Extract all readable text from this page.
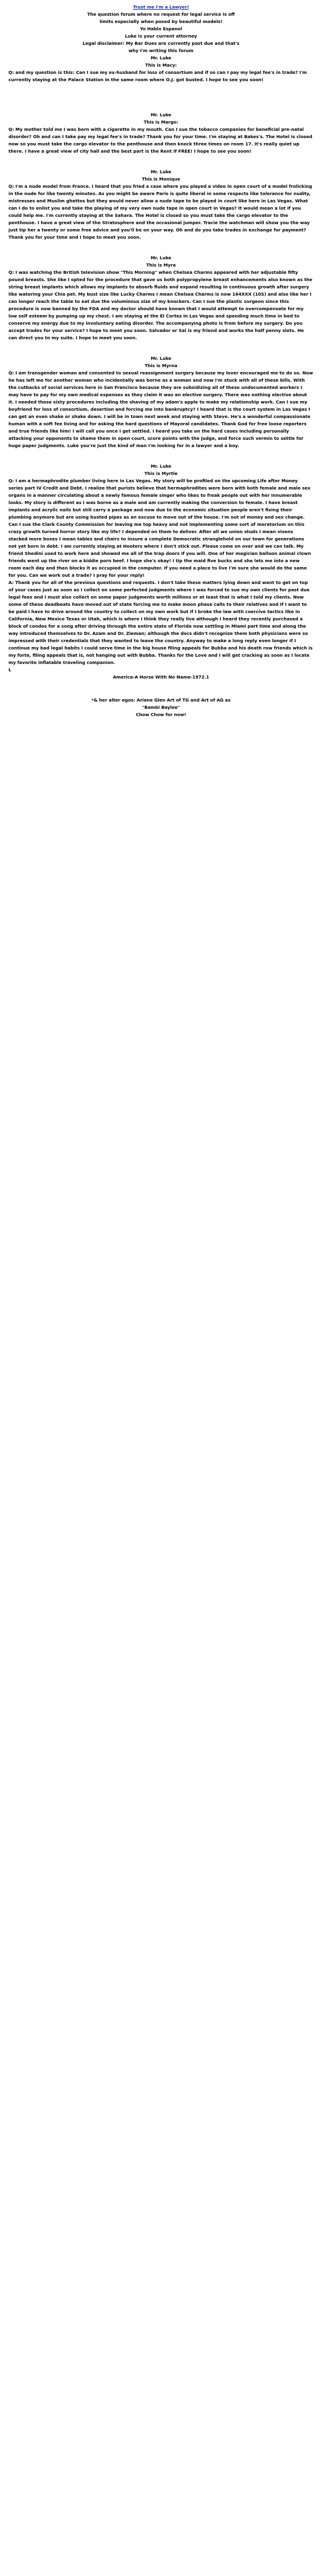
Trust me I'm a Lawyer!
The question forum where no request for legal service is off
limits especially when posed by beautiful models!
Yo Hablo Espanol
Luke is your current attorney
Legal disclaimer: My Bar Dues are currently past due and that's
why I'm writing this forum
Mr. Luke
This is Macy:
Q: and my question is this: Can I sue my ex-husband for loss of consortium and if so can I pay my legal fee's in trade? I'm currently staying at the Palace Station in the same room where O.J. got busted. I hope to see you soon!
Mr. Luke
This is Margo:
Q: My mother told me I was born with a cigarette in my mouth. Can I sue the tobacco companies for beneficial pre-natal disorder? Oh and can I take pay my legal fee's in trade? Thank you for your time. I'm staying at Bakes's. The Hotel is closed now so you must take the cargo elevator to the penthouse and then knock three times on room 17. It's really quiet up there. I have a great view of city hall and the best part is the Rent if FREE! I hope to see you soon!
Mr. Luke
This is Monique
Q: I'm a nude model from France. I heard that you fried a case where you played a video in open court of a model frolicking in the nude for like twenty minutes. As you might be aware Paris is quite liberal in some respects like tolerance for nudity, mistresses and Muslim ghettos but they would never allow a nude tape to be played in court like here in Las Vegas. What can I do to enlist you and take the playing of my very own nude tape in open court in Vegas? It would mean a lot if you could help me. I'm currently staying at the Sahara. The Hotel is closed so you must take the cargo elevator to the penthouse. I have a great view of the Stratosphere and the occasional jumper. Tracie the watchman will show you the way just tip her a twenty or some free advice and you'll be on your way. Oh and do you take trades in exchange for payment? Thank you for your time and I hope to meet you soon.
Mr. Luke
This is Myra
Q: I was watching the British television show "This Morning" when Chelsea Charms appeared with her adjustable fifty pound breasts. She like I opted for the procedure that gave us both polypropylene breast enhancements also known as the string breast implants which allows my implants to absorb fluids and expand resulting in continuous growth after surgery like watering your Chia pet. My bust size like Lucky Charms I mean Chelsea Charms is now 164XXX (10S) and also like her I can longer reach the table to eat due the voluminous size of my knockers. Can I sue the plastic surgeon since this procedure is now banned by the FDA and my doctor should have known that I would attempt to overcompensate for my low self esteem by pumping up my chest. I am staying at the El Cortez in Las Vegas and spending much time in bed to conserve my energy due to my involuntary eating disorder. The accompanying photo is from before my surgery. Do you accept trades for your service? I hope to meet you soon. Salvador or Sal is my friend and works the half penny slots. He can direct you to my suite. I hope to meet you soon.
Mr. Luke
This is Myrna
Q: I am transgender woman and consented to sexual reassignment surgery because my lover encouraged me to do so. Now he has left me for another woman who incidentally was borne as a woman and now I'm stuck with all of these bills. With the cutbacks of social services here in San Francisco because they are subsidizing all of these undocumented workers I may have to pay for my own medical expenses as they claim it was an elective surgery. There was nothing elective about it. I needed these sixty procedures including the shaving of my adam's apple to make my relationship work. Can I sue my boyfriend for loss of consortium, desertion and forcing me into bankruptcy? I heard that is the court system in Las Vegas I can get an even shake or shake down. I will be in town next week and staying with Steve. He's a wonderful compassionate human with a soft fee living and for asking the hard questions of Mayoral candidates. Thank God for free loose reporters and true friends like him! I will call you once I get settled. I heard you take on the hard cases including personally attacking your opponents to shame them in open court, score points with the judge, and force such vermin to settle for huge paper judgments. Luke you're just the kind of man I'm looking for in a lawyer and a boy.
Mr. Luke
This is Myrtle
Q: I am a hermaphrodite plumber living here in Las Vegas. My story will be profiled on the upcoming Life after Money series part IV Credit and Debt. I realize that purists believe that hermaphrodites were born with both female and male sex organs in a manner circulating about a newly famous female singer who likes to freak people out with her innumerable looks. My story is different as I was borne as a male and am currently making the conversion to female. I have breast implants and acrylic nails but still carry a package and now due to the economic situation people aren't fixing their plumbing anymore but are using busted pipes as an excuse to move out of the house. I'm out of money and sex change. Can I sue the Clark County Commission for leaving me top heavy and not implementing some sort of moratorium on this crazy growth turned horror story like my life? I depended on them to deliver. After all we union studs I mean vixens stacked more boxes I mean tables and chairs to insure a complete Democratic stranglehold on our town for generations not yet born in debt. I am currently staying at Hooters where I don't stick out. Please come on over and we can talk. My friend Shedini used to work here and showed me all of the trap doors if you will. One of her magician balloon animal clown friends went up the river on a kiddie porn beef. I hope she's okay! I tip the maid five bucks and she lets me into a new room each day and then blocks it as occupied in the computer. If you need a place to live I'm sure she would do the same for you. Can we work out a trade? I pray for your reply!
A: Thank you for all of the previous questions and requests. I don't take these matters lying down and want to get on top of your cases just as soon as I collect on some perfected judgments where I was forced to sue my own clients for past due legal fees and I must also collect on some paper judgments worth millions or at least that is what I told my clients. Now some of these deadbeats have moved out of state forcing me to make moon phase calls to their relatives and If I want to be paid I have to drive around the country to collect on my own work but if I broke the law with coercive tactics like in California, New Mexico Texas or Utah, which is where I think they really live although I heard they recently purchased a block of condos for a song after driving through the entire state of Florida now settling in Miami part time and along the way introduced themselves to Dr. Azam and Dr. Zieman; although the docs didn't recognize them both physicians were so impressed with their credentials that they wanted to leave the country. Anyway to make a long reply even longer if I continue my bad legal habits I could serve time in the big house filing appeals for Bubba and his death row friends which is my forte, filing appeals that is, not hanging out with Bubba. Thanks for the Love and I will get cracking as soon as I locate my favorite inflatable traveling companion.
L
America-A Horse With No Name-1972.1
*& her alter egos: Ariane Glen Art of TG and Art of AG as
"Bambi Baylee"
Chow Chow for now!
